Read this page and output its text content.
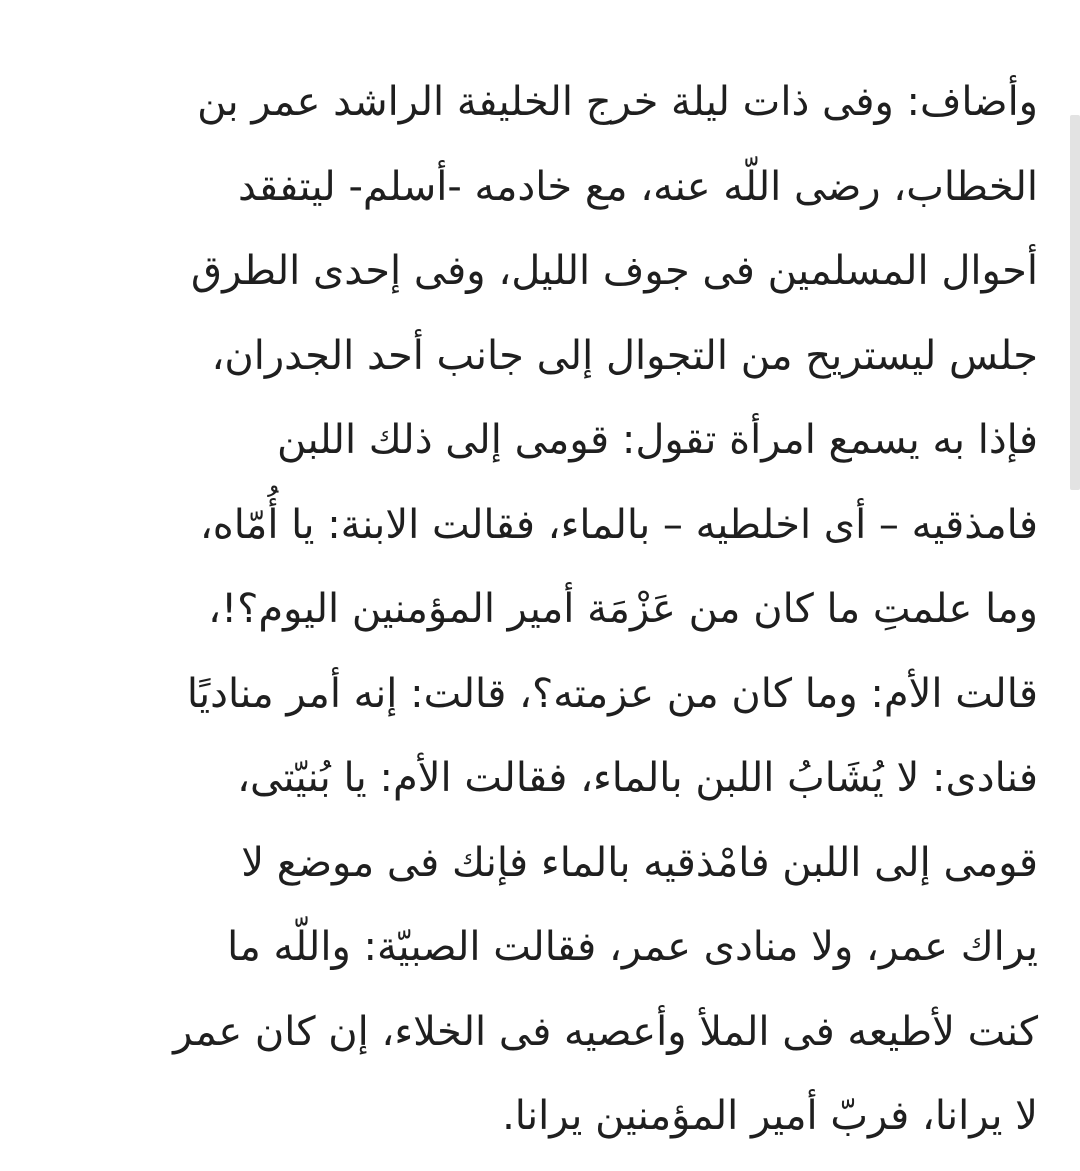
وأضاف: وفى ذات ليلة خرج الخليفة الراشد عمر بن
الخطاب، رضى اللّه عنه، مع خادمه -أسلم- ليتفقد
أحوال المسلمين فى جوف الليل، وفى إحدى الطرق
جلس ليستريح من التجوال إلى جانب أحد الجدران،
فإذا به يسمع امرأة تقول: قومى إلى ذلك اللبن
فامذقيه – أى اخلطيه – بالماء، فقالت الابنة: يا أُمّاه،
وما علمتِ ما كان من عَزْمَة أمير المؤمنين اليوم؟!،
قالت الأم: وما كان من عزمته؟، قالت: إنه أمر مناديًا
فنادى: لا يُشَابُ اللبن بالماء، فقالت الأم: يا بُنيّتى،
قومى إلى اللبن فامْذقيه بالماء فإنك فى موضع لا
يراك عمر، ولا منادى عمر، فقالت الصبيّة: واللّه ما
كنت لأطيعه فى الملأ وأعصيه فى الخلاء، إن كان عمر
لا يرانا، فربّ أمير المؤمنين يرانا.
